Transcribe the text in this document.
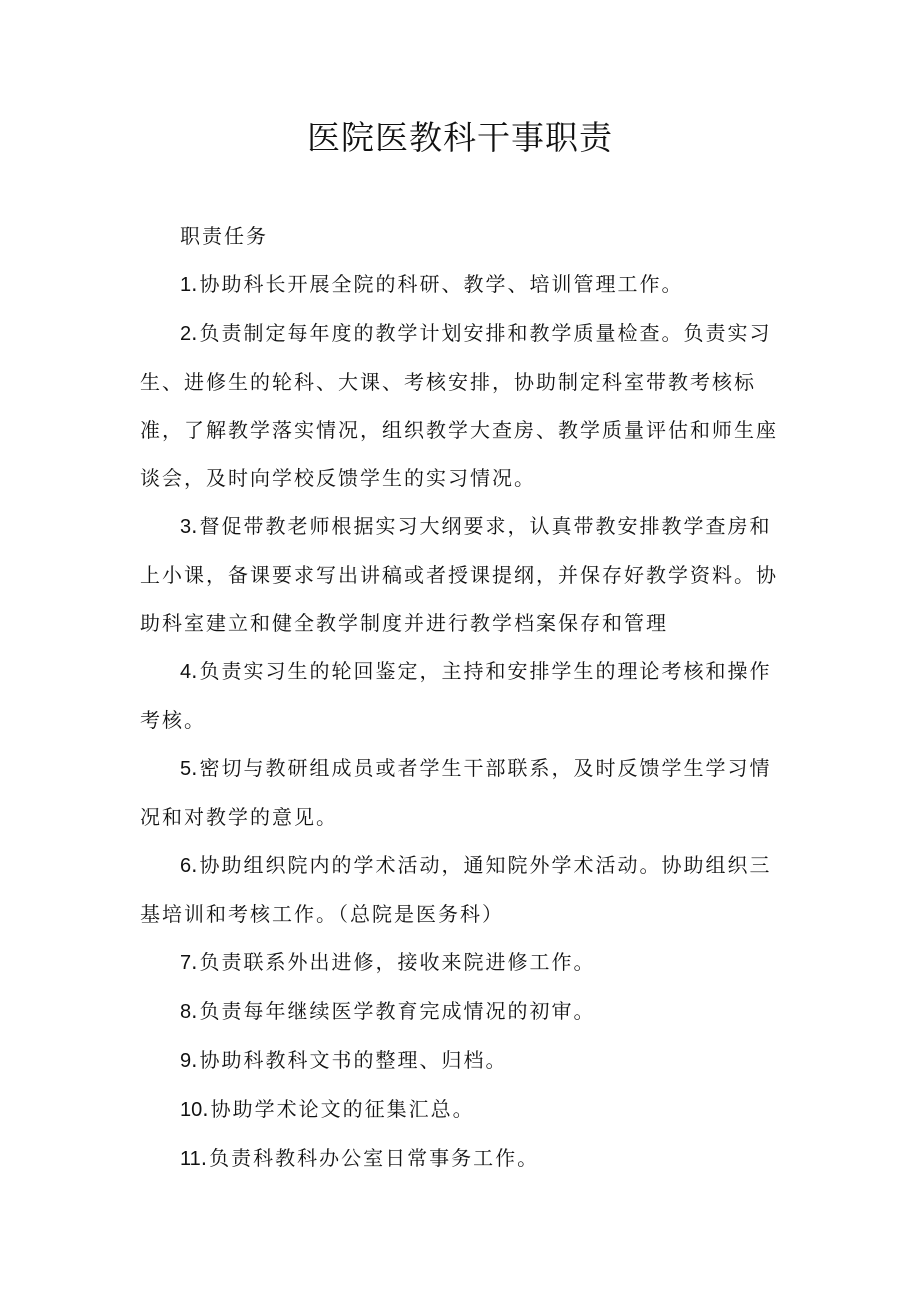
医院医教科干事职责

职责任务

1.协助科长开展全院的科研、教学、培训管理工作。

2.负责制定每年度的教学计划安排和教学质量检查。负责实习生、进修生的轮科、大课、考核安排，协助制定科室带教考核标准，了解教学落实情况，组织教学大查房、教学质量评估和师生座谈会，及时向学校反馈学生的实习情况。

3.督促带教老师根据实习大纲要求，认真带教安排教学查房和上小课，备课要求写出讲稿或者授课提纲，并保存好教学资料。协助科室建立和健全教学制度并进行教学档案保存和管理

4.负责实习生的轮回鉴定，主持和安排学生的理论考核和操作考核。

5.密切与教研组成员或者学生干部联系，及时反馈学生学习情况和对教学的意见。

6.协助组织院内的学术活动，通知院外学术活动。协助组织三基培训和考核工作。（总院是医务科）

7.负责联系外出进修，接收来院进修工作。

8.负责每年继续医学教育完成情况的初审。

9.协助科教科文书的整理、归档。

10.协助学术论文的征集汇总。

11.负责科教科办公室日常事务工作。
